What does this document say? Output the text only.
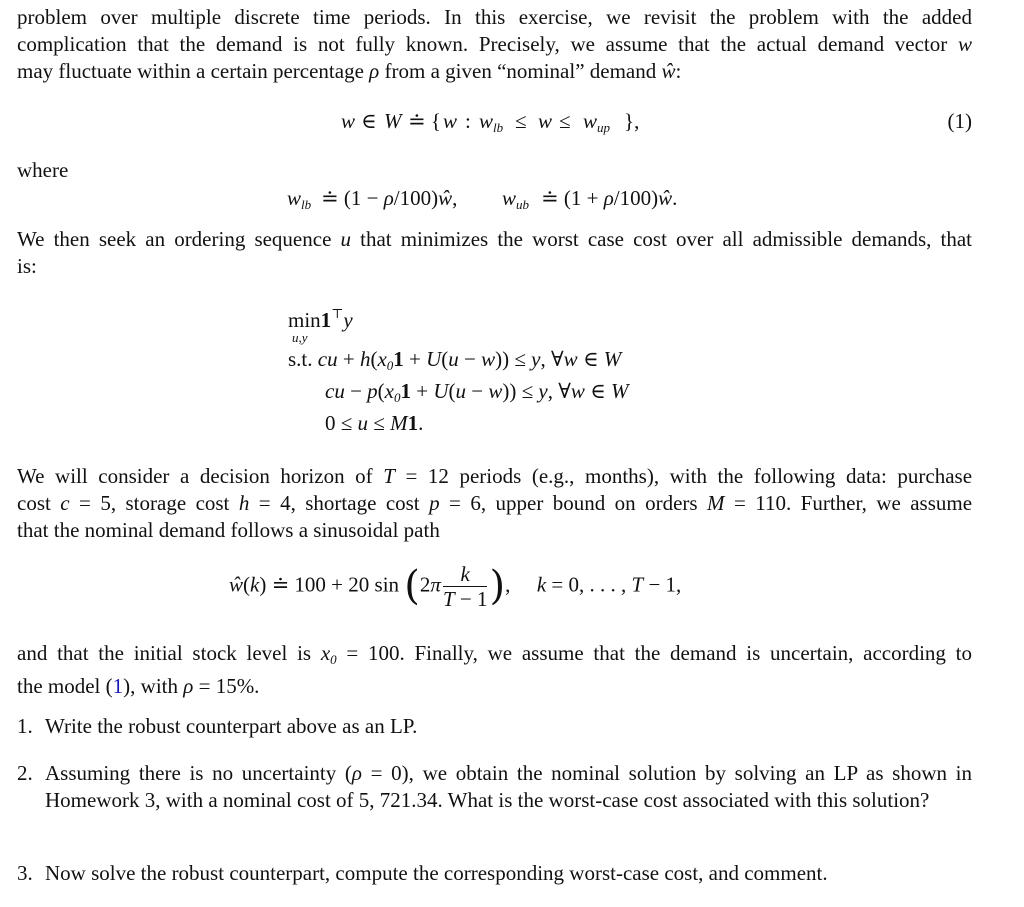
problem over multiple discrete time periods. In this exercise, we revisit the problem with the added
complication that the demand is not fully known. Precisely, we assume that the actual demand vector w
may fluctuate within a certain percentage ρ from a given “nominal” demand ŵ:
w ∈ W ≐ { w : $w_{lb} \le w \le w_{up}$ },	(1)
where
$w_{lb}$ ≐ (1 − ρ/100)ŵ, $w_{ub}$ ≐ (1 + ρ/100)ŵ.
We then seek an ordering sequence u that minimizes the worst case cost over all admissible demands, that
is:
min1⊤y
u,y
s.t. cu + $h(x_01 + U(u - w)) \le y$, ∀w ∈ W
cu − $p(x_01 + U(u - w)) \le y$, ∀w ∈ W
0 ≤ u ≤ M1.
We will consider a decision horizon of T = 12 periods (e.g., months), with the following data: purchase
cost c = 5, storage cost h = 4, shortage cost p = 6, upper bound on orders M = 110. Further, we assume
that the nominal demand follows a sinusoidal path
ŵ(k) ≐ 100 + 20 $\sin (2\pi \frac{k}{T - 1}$ ),  k = 0, . . . , T − 1,
and that the initial stock level is $x_0 = 100$. Finally, we assume that the demand is uncertain, according to
the model (1), with ρ = 15%.
1. Write the robust counterpart above as an LP.
2. Assuming there is no uncertainty (ρ = 0), we obtain the nominal solution by solving an LP as shown in Homework 3, with a nominal cost of 5, 721.34. What is the worst-case cost associated with this solution?
3. Now solve the robust counterpart, compute the corresponding worst-case cost, and comment.
